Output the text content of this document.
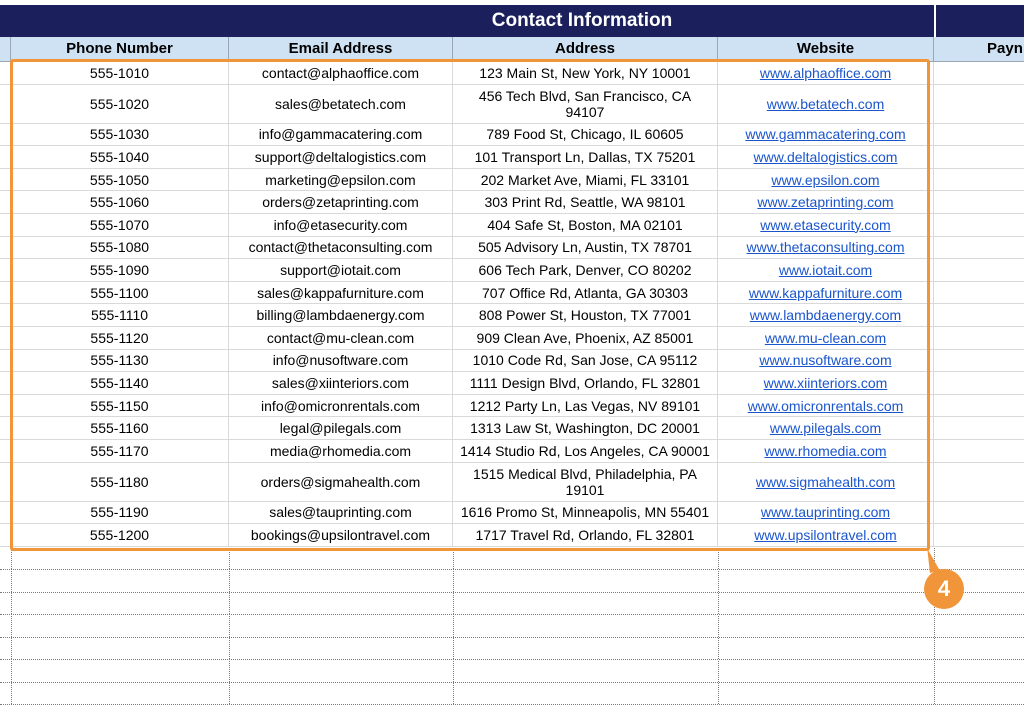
Contact Information
Phone Number	Email Address	Address	Website	Payn
555-1010	contact@alphaoffice.com	123 Main St, New York, NY 10001	www.alphaoffice.com
555-1020	sales@betatech.com	456 Tech Blvd, San Francisco, CA 94107	www.betatech.com
555-1030	info@gammacatering.com	789 Food St, Chicago, IL 60605	www.gammacatering.com
555-1040	support@deltalogistics.com	101 Transport Ln, Dallas, TX 75201	www.deltalogistics.com
555-1050	marketing@epsilon.com	202 Market Ave, Miami, FL 33101	www.epsilon.com
555-1060	orders@zetaprinting.com	303 Print Rd, Seattle, WA 98101	www.zetaprinting.com
555-1070	info@etasecurity.com	404 Safe St, Boston, MA 02101	www.etasecurity.com
555-1080	contact@thetaconsulting.com	505 Advisory Ln, Austin, TX 78701	www.thetaconsulting.com
555-1090	support@iotait.com	606 Tech Park, Denver, CO 80202	www.iotait.com
555-1100	sales@kappafurniture.com	707 Office Rd, Atlanta, GA 30303	www.kappafurniture.com
555-1110	billing@lambdaenergy.com	808 Power St, Houston, TX 77001	www.lambdaenergy.com
555-1120	contact@mu-clean.com	909 Clean Ave, Phoenix, AZ 85001	www.mu-clean.com
555-1130	info@nusoftware.com	1010 Code Rd, San Jose, CA 95112	www.nusoftware.com
555-1140	sales@xiinteriors.com	1111 Design Blvd, Orlando, FL 32801	www.xiinteriors.com
555-1150	info@omicronrentals.com	1212 Party Ln, Las Vegas, NV 89101	www.omicronrentals.com
555-1160	legal@pilegals.com	1313 Law St, Washington, DC 20001	www.pilegals.com
555-1170	media@rhomedia.com	1414 Studio Rd, Los Angeles, CA 90001	www.rhomedia.com
555-1180	orders@sigmahealth.com	1515 Medical Blvd, Philadelphia, PA 19101	www.sigmahealth.com
555-1190	sales@tauprinting.com	1616 Promo St, Minneapolis, MN 55401	www.tauprinting.com
555-1200	bookings@upsilontravel.com	1717 Travel Rd, Orlando, FL 32801	www.upsilontravel.com
4
